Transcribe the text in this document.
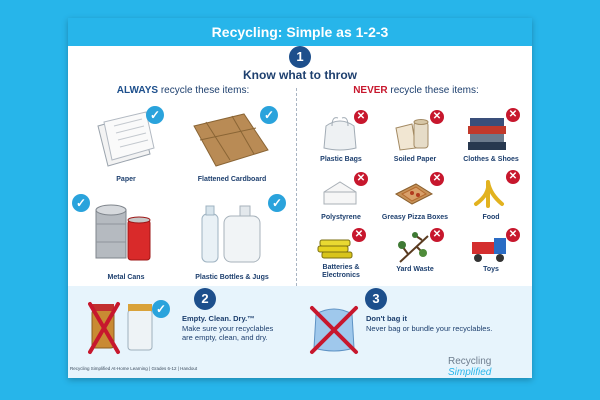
Recycling: Simple as 1-2-3
1
Know what to throw
ALWAYS recycle these items:	NEVER recycle these items:
✓
Paper
✓
Flattened Cardboard
✓
Metal Cans
✓
Plastic Bottles & Jugs
✕
Plastic Bags
✕
Soiled Paper
✕
Clothes & Shoes
✕
Polystyrene
✕
Greasy Pizza Boxes
✕
Food
✕
Batteries & Electronics
✕
Yard Waste
✕
Toys
✓
2
Empty. Clean. Dry.™
Make sure your recyclables
are empty, clean, and dry.
3
Don't bag it
Never bag or bundle your recyclables.
Recycling Simplified At-Home Learning | Grades 6-12 | Handout
Recycling Simplified
